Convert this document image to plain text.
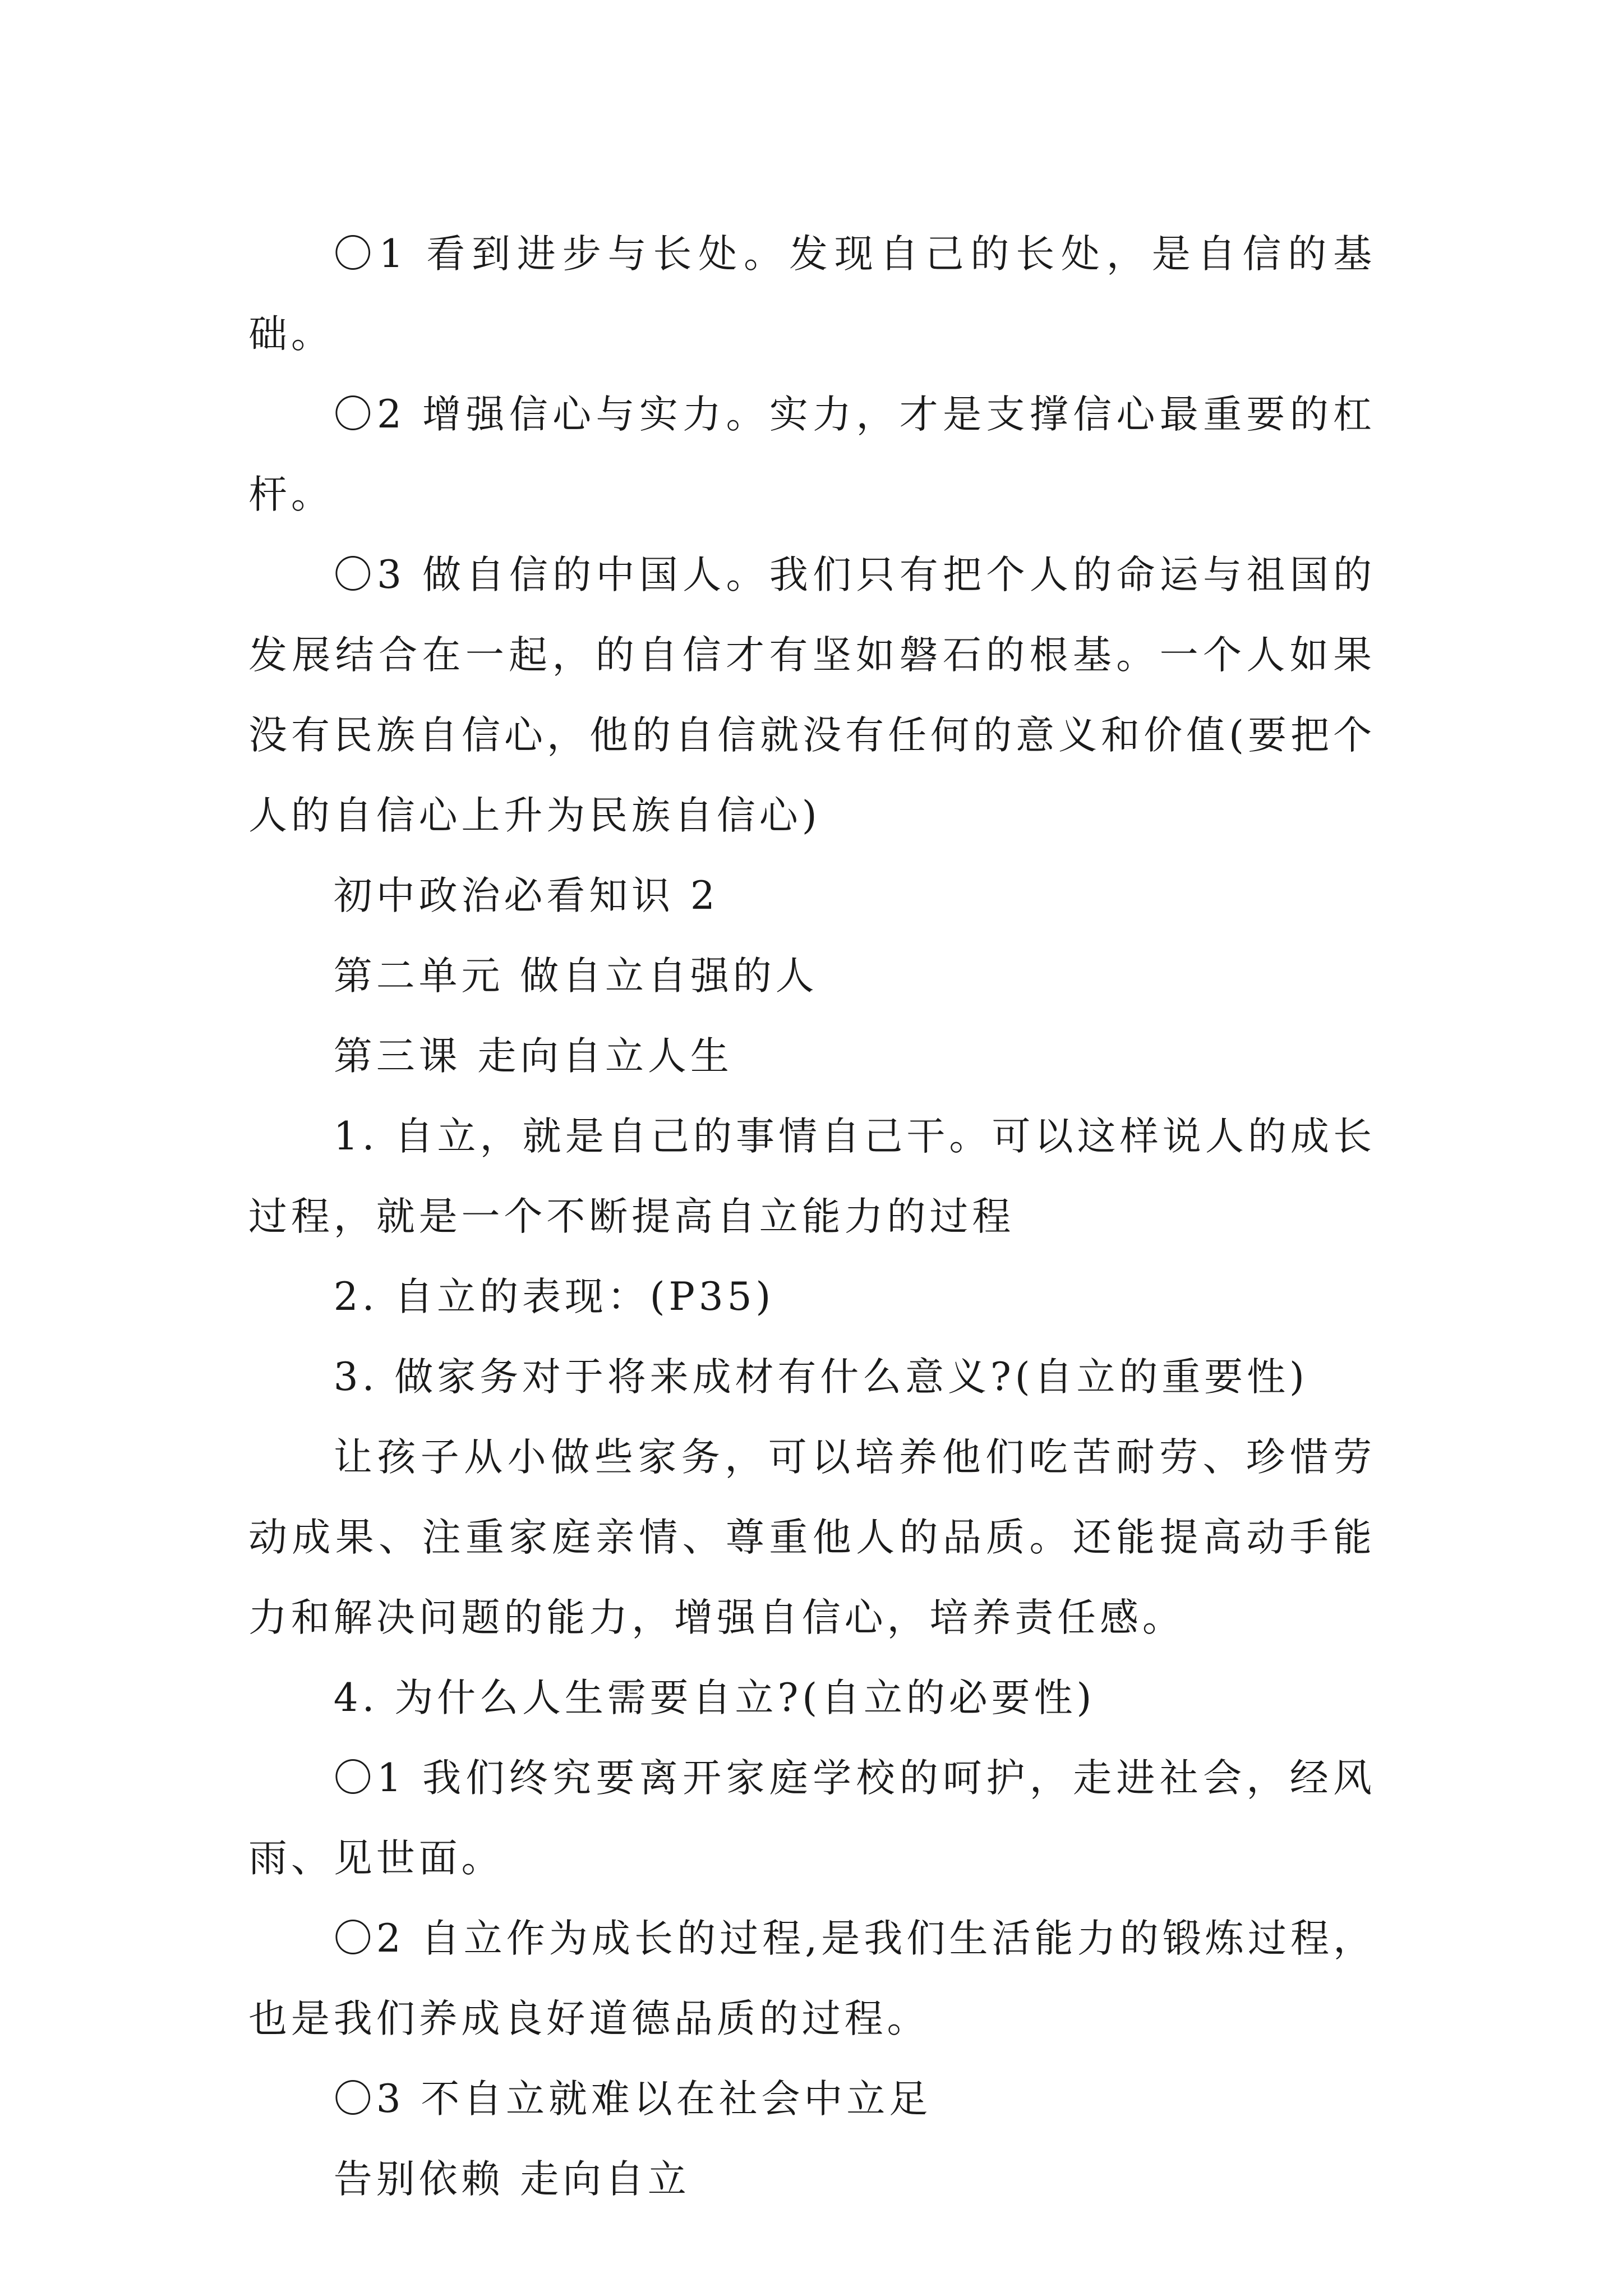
〇1 看到进步与长处。发现自己的长处，是自信的基础。

〇2 增强信心与实力。实力，才是支撑信心最重要的杠杆。

〇3 做自信的中国人。我们只有把个人的命运与祖国的发展结合在一起，的自信才有坚如磐石的根基。一个人如果没有民族自信心，他的自信就没有任何的意义和价值(要把个人的自信心上升为民族自信心)

初中政治必看知识 2

第二单元 做自立自强的人

第三课 走向自立人生

1. 自立，就是自己的事情自己干。可以这样说人的成长过程，就是一个不断提高自立能力的过程

2. 自立的表现：(P35)

3. 做家务对于将来成材有什么意义?(自立的重要性)

让孩子从小做些家务，可以培养他们吃苦耐劳、珍惜劳动成果、注重家庭亲情、尊重他人的品质。还能提高动手能力和解决问题的能力，增强自信心，培养责任感。

4. 为什么人生需要自立?(自立的必要性)

〇1 我们终究要离开家庭学校的呵护，走进社会，经风雨、见世面。

〇2 自立作为成长的过程,是我们生活能力的锻炼过程，也是我们养成良好道德品质的过程。

〇3 不自立就难以在社会中立足

告别依赖 走向自立
